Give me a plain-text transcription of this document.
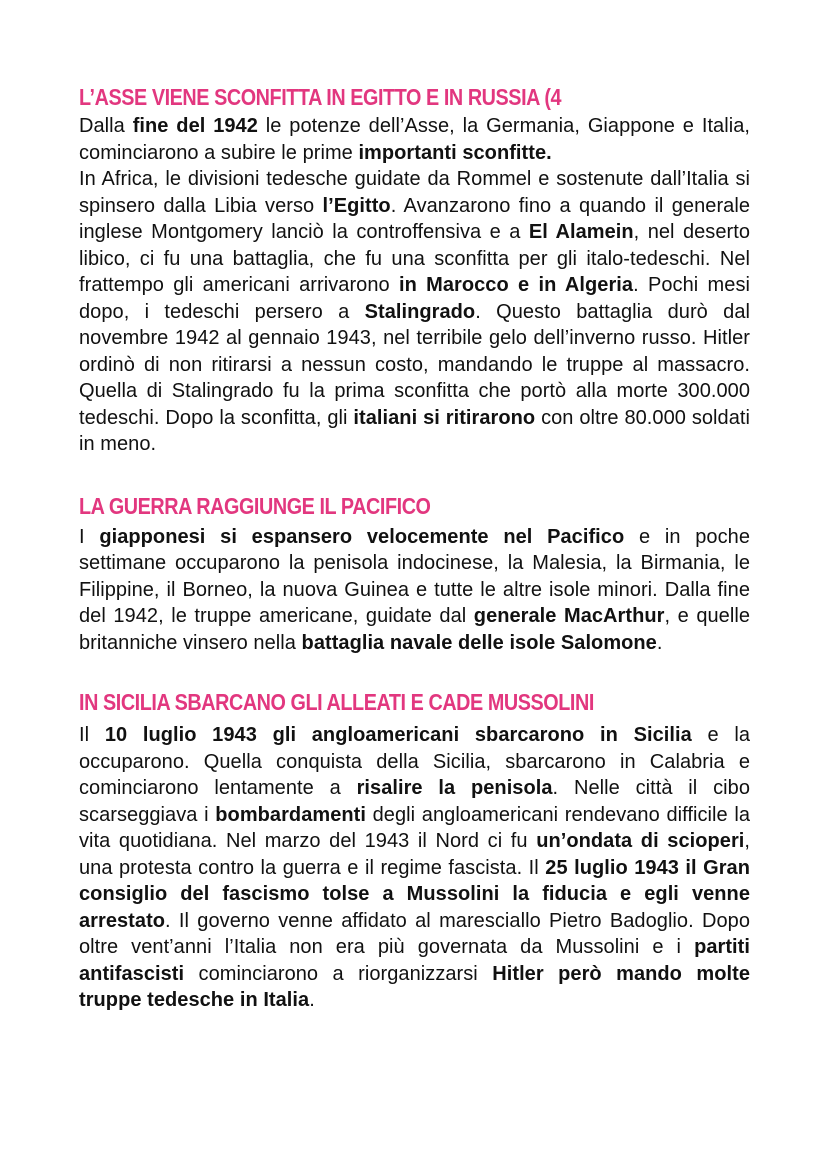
L’ASSE VIENE SCONFITTA IN EGITTO E IN RUSSIA (4

Dalla fine del 1942 le potenze dell’Asse, la Germania, Giappone e Italia, cominciarono a subire le prime importanti sconfitte.

In Africa, le divisioni tedesche guidate da Rommel e sostenute dall’Italia si spinsero dalla Libia verso l’Egitto. Avanzarono fino a quando il generale inglese Montgomery lanciò la controffensiva e a El Alamein, nel deserto libico, ci fu una battaglia, che fu una sconfitta per gli italo-tedeschi. Nel frattempo gli americani arrivarono in Marocco e in Algeria. Pochi mesi dopo, i tedeschi persero a Stalingrado. Questo battaglia durò dal novembre 1942 al gennaio 1943, nel terribile gelo dell’inverno russo. Hitler ordinò di non ritirarsi a nessun costo, mandando le truppe al massacro. Quella di Stalingrado fu la prima sconfitta che portò alla morte 300.000 tedeschi. Dopo la sconfitta, gli italiani si ritirarono con oltre 80.000 soldati in meno.

LA GUERRA RAGGIUNGE IL PACIFICO

I giapponesi si espansero velocemente nel Pacifico e in poche settimane occuparono la penisola indocinese, la Malesia, la Birmania, le Filippine, il Borneo, la nuova Guinea e tutte le altre isole minori. Dalla fine del 1942, le truppe americane, guidate dal generale MacArthur, e quelle britanniche vinsero nella battaglia navale delle isole Salomone.

IN SICILIA SBARCANO GLI ALLEATI E CADE MUSSOLINI

Il 10 luglio 1943 gli angloamericani sbarcarono in Sicilia e la occuparono. Quella conquista della Sicilia, sbarcarono in Calabria e cominciarono lentamente a risalire la penisola. Nelle città il cibo scarseggiava i bombardamenti degli angloamericani rendevano difficile la vita quotidiana. Nel marzo del 1943 il Nord ci fu un’ondata di scioperi, una protesta contro la guerra e il regime fascista. Il 25 luglio 1943 il Gran consiglio del fascismo tolse a Mussolini la fiducia e egli venne arrestato. Il governo venne affidato al maresciallo Pietro Badoglio. Dopo oltre vent’anni l’Italia non era più governata da Mussolini e i partiti antifascisti cominciarono a riorganizzarsi Hitler però mando molte truppe tedesche in Italia.
